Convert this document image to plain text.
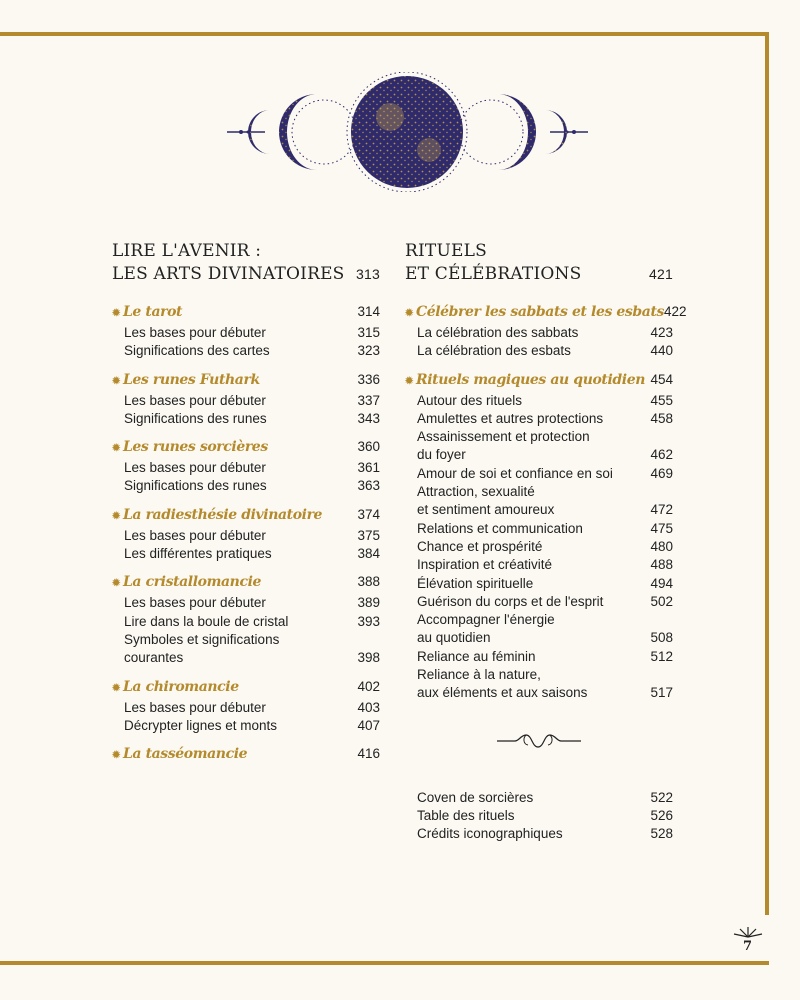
LIRE L'AVENIR :
LES ARTS DIVINATOIRES 313
✹ Le tarot	314
Les bases pour débuter	315
Significations des cartes	323
✹ Les runes Futhark	336
Les bases pour débuter	337
Significations des runes	343
✹ Les runes sorcières	360
Les bases pour débuter	361
Significations des runes	363
✹ La radiesthésie divinatoire	374
Les bases pour débuter	375
Les différentes pratiques	384
✹ La cristallomancie	388
Les bases pour débuter	389
Lire dans la boule de cristal	393
Symboles et significations
courantes	398
✹ La chiromancie	402
Les bases pour débuter	403
Décrypter lignes et monts	407
✹ La tasséomancie	416
RITUELS
ET CÉLÉBRATIONS	421
✹ Célébrer les sabbats et les esbats 422
La célébration des sabbats	423
La célébration des esbats	440
✹ Rituels magiques au quotidien 454
Autour des rituels	455
Amulettes et autres protections	458
Assainissement et protection
du foyer	462
Amour de soi et confiance en soi	469
Attraction, sexualité
et sentiment amoureux	472
Relations et communication	475
Chance et prospérité	480
Inspiration et créativité	488
Élévation spirituelle	494
Guérison du corps et de l'esprit	502
Accompagner l'énergie
au quotidien	508
Reliance au féminin	512
Reliance à la nature,
aux éléments et aux saisons	517
Coven de sorcières	522
Table des rituels	526
Crédits iconographiques	528
7
